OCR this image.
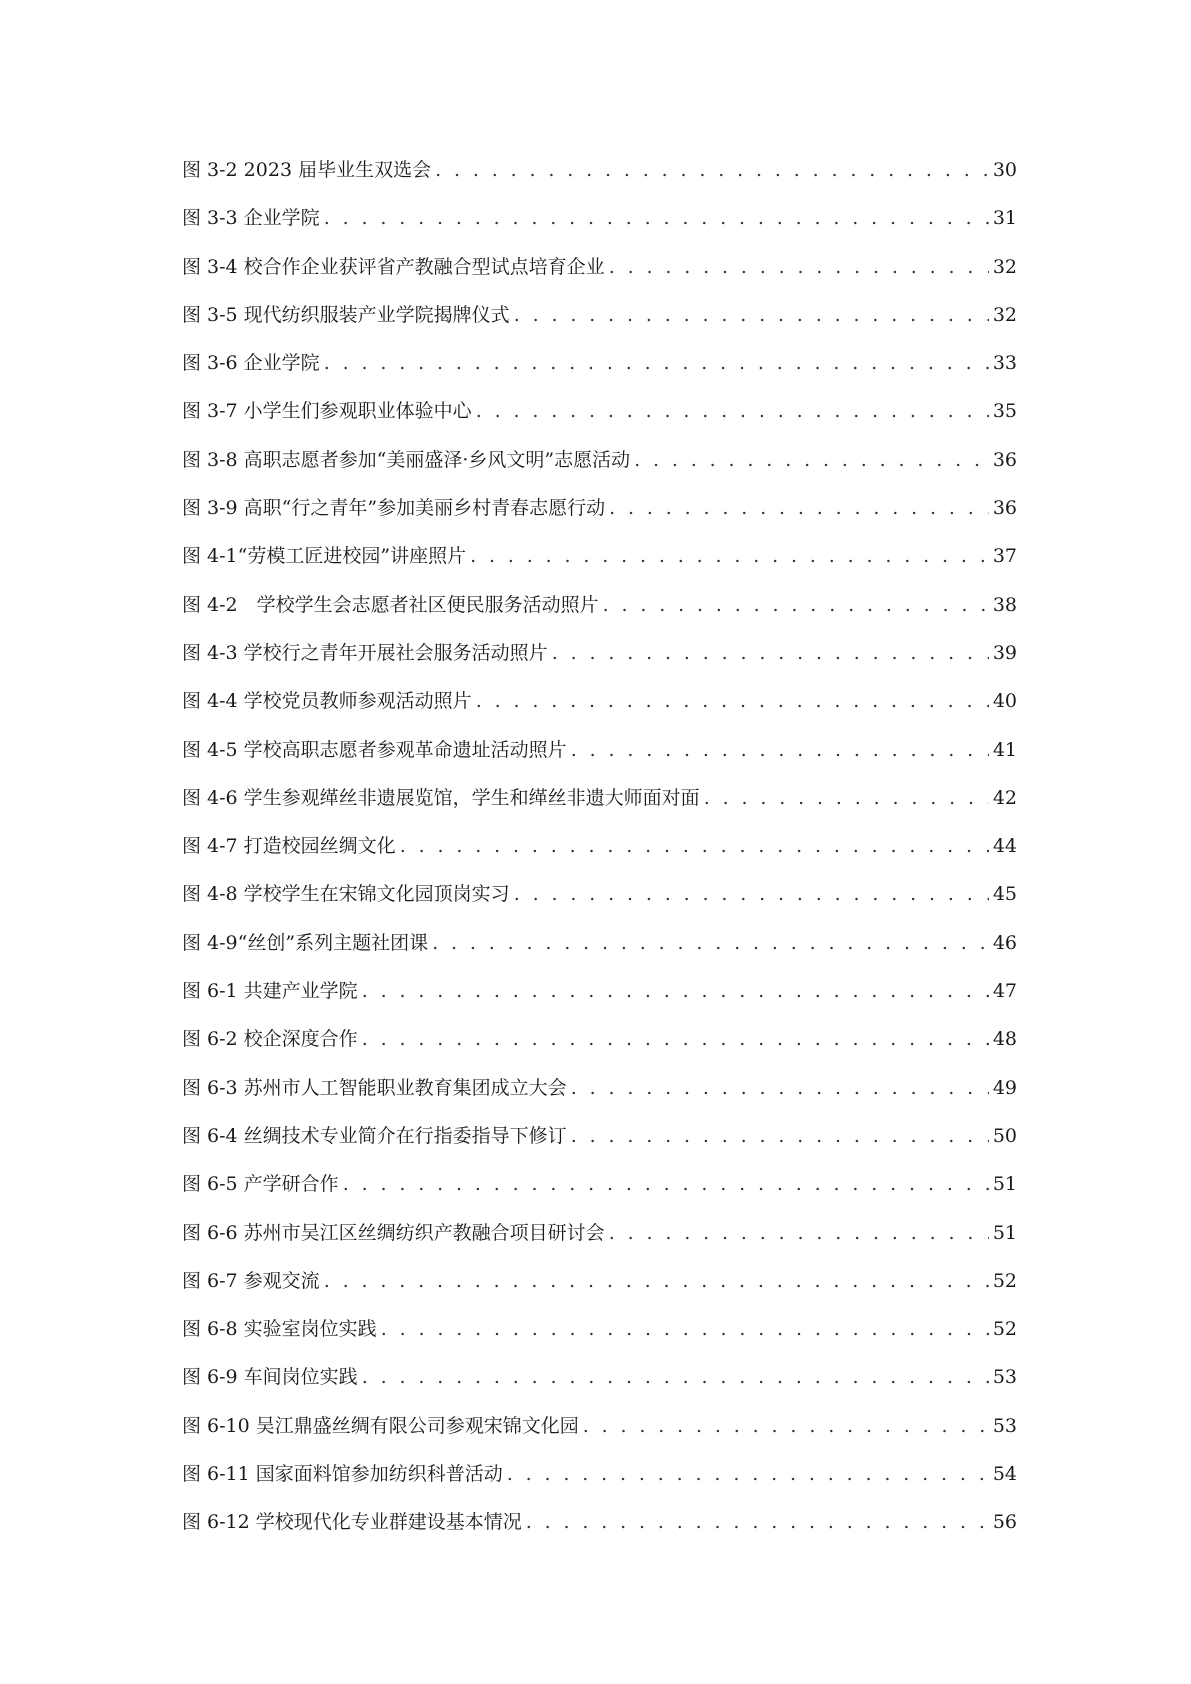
图 3-2 2023 届毕业生双选会 . . .	30
图 3-3 企业学院 . . .	31
图 3-4 校合作企业获评省产教融合型试点培育企业 . . .	32
图 3-5 现代纺织服装产业学院揭牌仪式 . . .	32
图 3-6 企业学院 . . .	33
图 3-7 小学生们参观职业体验中心 . . .	35
图 3-8 高职志愿者参加“美丽盛泽·乡风文明”志愿活动 . . .	36
图 3-9 高职“行之青年”参加美丽乡村青春志愿行动 . . .	36
图 4-1“劳模工匠进校园”讲座照片 . . .	37
图 4-2　学校学生会志愿者社区便民服务活动照片 . . .	38
图 4-3 学校行之青年开展社会服务活动照片 . . .	39
图 4-4 学校党员教师参观活动照片 . . .	40
图 4-5 学校高职志愿者参观革命遗址活动照片 . . .	41
图 4-6 学生参观缂丝非遗展览馆，学生和缂丝非遗大师面对面 . . .	42
图 4-7 打造校园丝绸文化 . . .	44
图 4-8 学校学生在宋锦文化园顶岗实习 . . .	45
图 4-9“丝创”系列主题社团课 . . .	46
图 6-1 共建产业学院 . . .	47
图 6-2 校企深度合作 . . .	48
图 6-3 苏州市人工智能职业教育集团成立大会 . . .	49
图 6-4 丝绸技术专业简介在行指委指导下修订 . . .	50
图 6-5 产学研合作 . . .	51
图 6-6 苏州市吴江区丝绸纺织产教融合项目研讨会 . . .	51
图 6-7 参观交流 . . .	52
图 6-8 实验室岗位实践 . . .	52
图 6-9 车间岗位实践 . . .	53
图 6-10 吴江鼎盛丝绸有限公司参观宋锦文化园 . . .	53
图 6-11 国家面料馆参加纺织科普活动 . . .	54
图 6-12 学校现代化专业群建设基本情况 . . .	56
